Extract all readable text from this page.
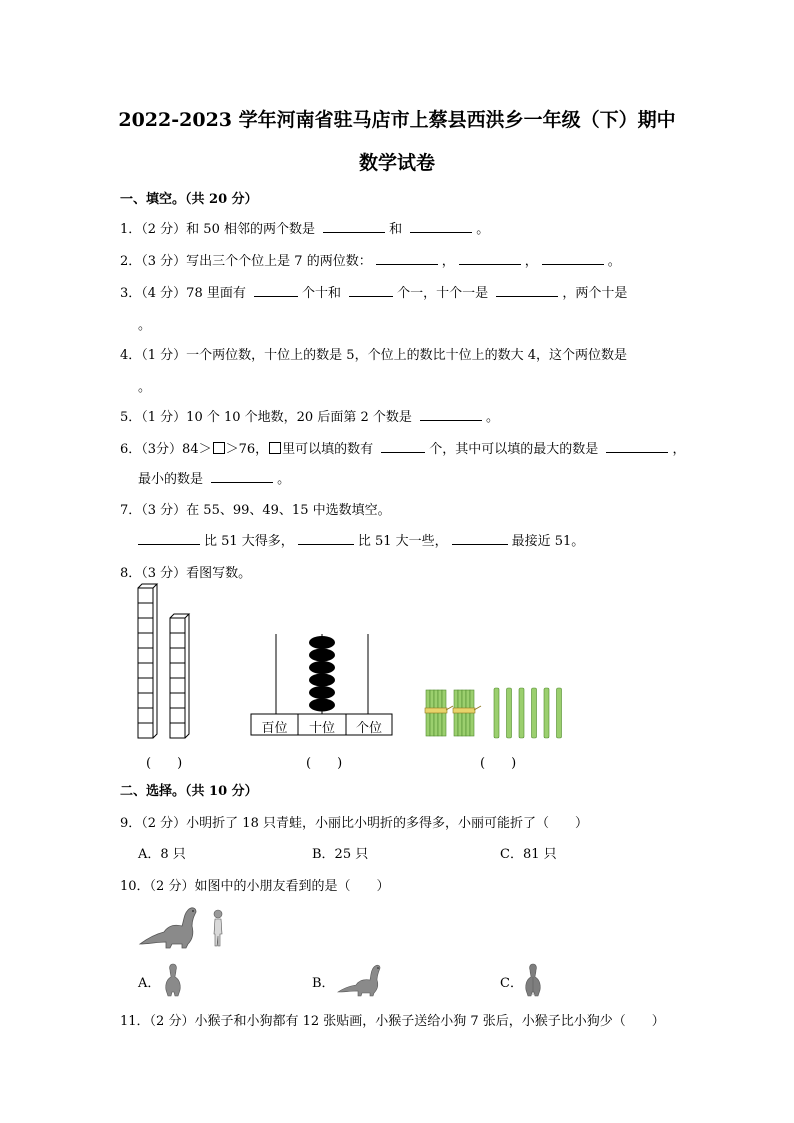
2022-2023 学年河南省驻马店市上蔡县西洪乡一年级（下）期中
数学试卷
一、填空。（共 20 分）
1．（2 分）和 50 相邻的两个数是	和	。
2．（3 分）写出三个个位上是 7 的两位数：	，	，	。
3．（4 分）78 里面有	个十和	个一，十个一是	，两个十是
。
4．（1 分）一个两位数，十位上的数是 5，个位上的数比十位上的数大 4，这个两位数是
。
5．（1 分）10 个 10 个地数，20 后面第 2 个数是	。
6．（3分）84＞ ＞76， 里可以填的数有	个，其中可以填的最大的数是	，
最小的数是	。
7．（3 分）在 55、99、49、15 中选数填空。
比 51 大得多，	比 51 大一些，	最接近 51。
8．（3 分）看图写数。
(　　)
百位	十位	个位
(　　)	(　　)
二、选择。（共 10 分）
9．（2 分）小明折了 18 只青蛙，小丽比小明折的多得多，小丽可能折了（　　）
A．8 只	B．25 只	C．81 只
10．（2 分）如图中的小朋友看到的是（　　）
A．	B．	C．
11．（2 分）小猴子和小狗都有 12 张贴画，小猴子送给小狗 7 张后，小猴子比小狗少（　　）
